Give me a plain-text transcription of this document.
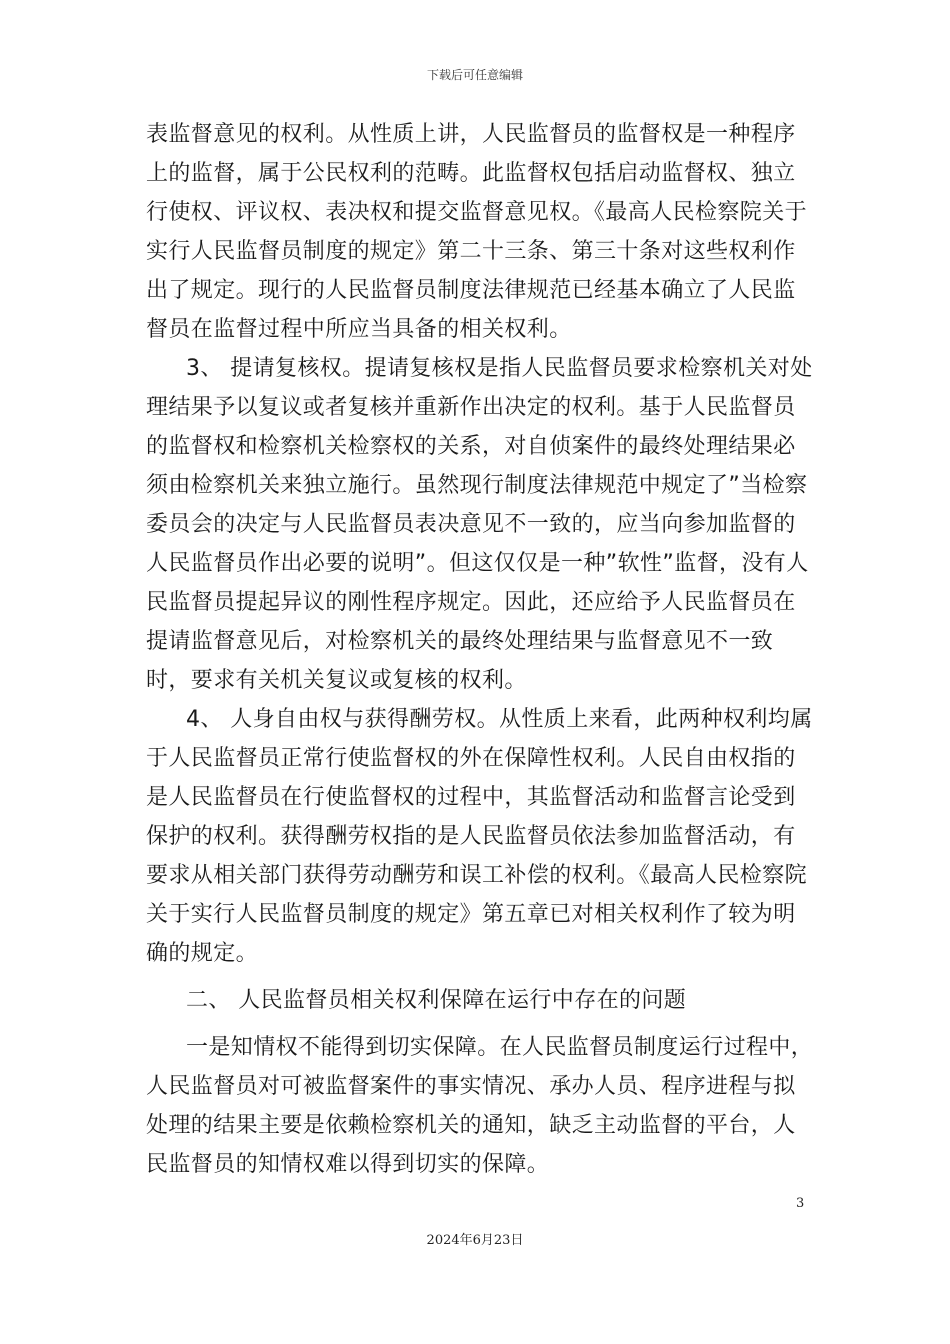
下载后可任意编辑

表监督意见的权利。从性质上讲，人民监督员的监督权是一种程序上的监督，属于公民权利的范畴。此监督权包括启动监督权、独立行使权、评议权、表决权和提交监督意见权。《最高人民检察院关于实行人民监督员制度的规定》第二十三条、第三十条对这些权利作出了规定。现行的人民监督员制度法律规范已经基本确立了人民监督员在监督过程中所应当具备的相关权利。

3、 提请复核权。提请复核权是指人民监督员要求检察机关对处理结果予以复议或者复核并重新作出决定的权利。基于人民监督员的监督权和检察机关检察权的关系，对自侦案件的最终处理结果必须由检察机关来独立施行。虽然现行制度法律规范中规定了”当检察委员会的决定与人民监督员表决意见不一致的，应当向参加监督的人民监督员作出必要的说明”。但这仅仅是一种”软性”监督，没有人民监督员提起异议的刚性程序规定。因此，还应给予人民监督员在提请监督意见后，对检察机关的最终处理结果与监督意见不一致时，要求有关机关复议或复核的权利。

4、 人身自由权与获得酬劳权。从性质上来看，此两种权利均属于人民监督员正常行使监督权的外在保障性权利。人民自由权指的是人民监督员在行使监督权的过程中，其监督活动和监督言论受到保护的权利。获得酬劳权指的是人民监督员依法参加监督活动，有要求从相关部门获得劳动酬劳和误工补偿的权利。《最高人民检察院关于实行人民监督员制度的规定》第五章已对相关权利作了较为明确的规定。

二、 人民监督员相关权利保障在运行中存在的问题

一是知情权不能得到切实保障。在人民监督员制度运行过程中，人民监督员对可被监督案件的事实情况、承办人员、程序进程与拟处理的结果主要是依赖检察机关的通知，缺乏主动监督的平台，人民监督员的知情权难以得到切实的保障。

3
2024年6月23日
